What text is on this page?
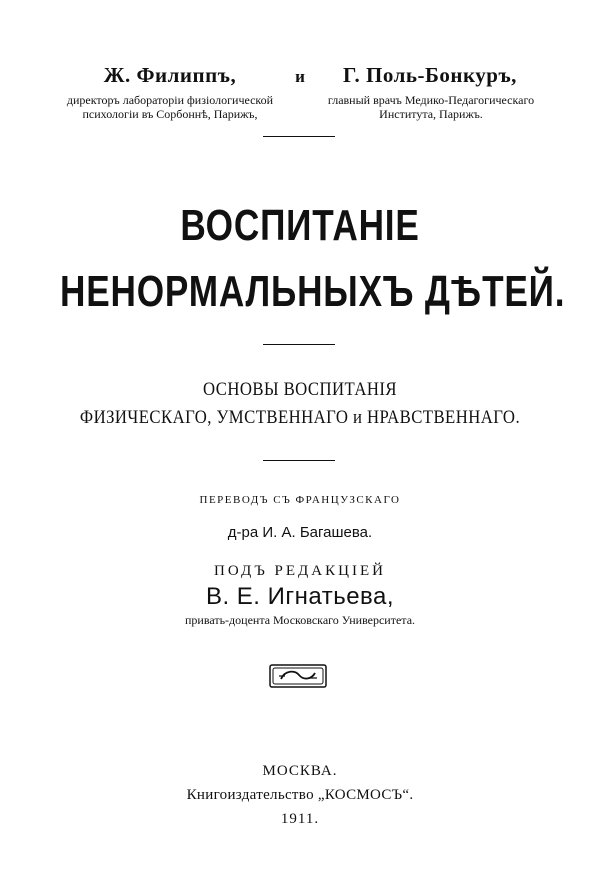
Ж. Филиппъ,
директоръ лабораторіи физіологической
психологіи въ Сорбоннѣ, Парижъ,
и	Г. Поль-Бонкуръ,
главный врачъ Медико-Педагогическаго
Института, Парижъ.
ВОСПИТАНІЕ
НЕНОРМАЛЬНЫХЪ ДѢТЕЙ.
ОСНОВЫ ВОСПИТАНІЯ
ФИЗИЧЕСКАГО, УМСТВЕННАГО и НРАВСТВЕННАГО.
ПЕРЕВОДЪ СЪ ФРАНЦУЗСКАГО
д-ра И. А. Багашева.
ПОДЪ РЕДАКЦІЕЙ
В. Е. Игнатьева,
привать-доцента Московскаго Университета.
МОСКВА.
Книгоиздательство „КОСМОСЪ“.
1911.
